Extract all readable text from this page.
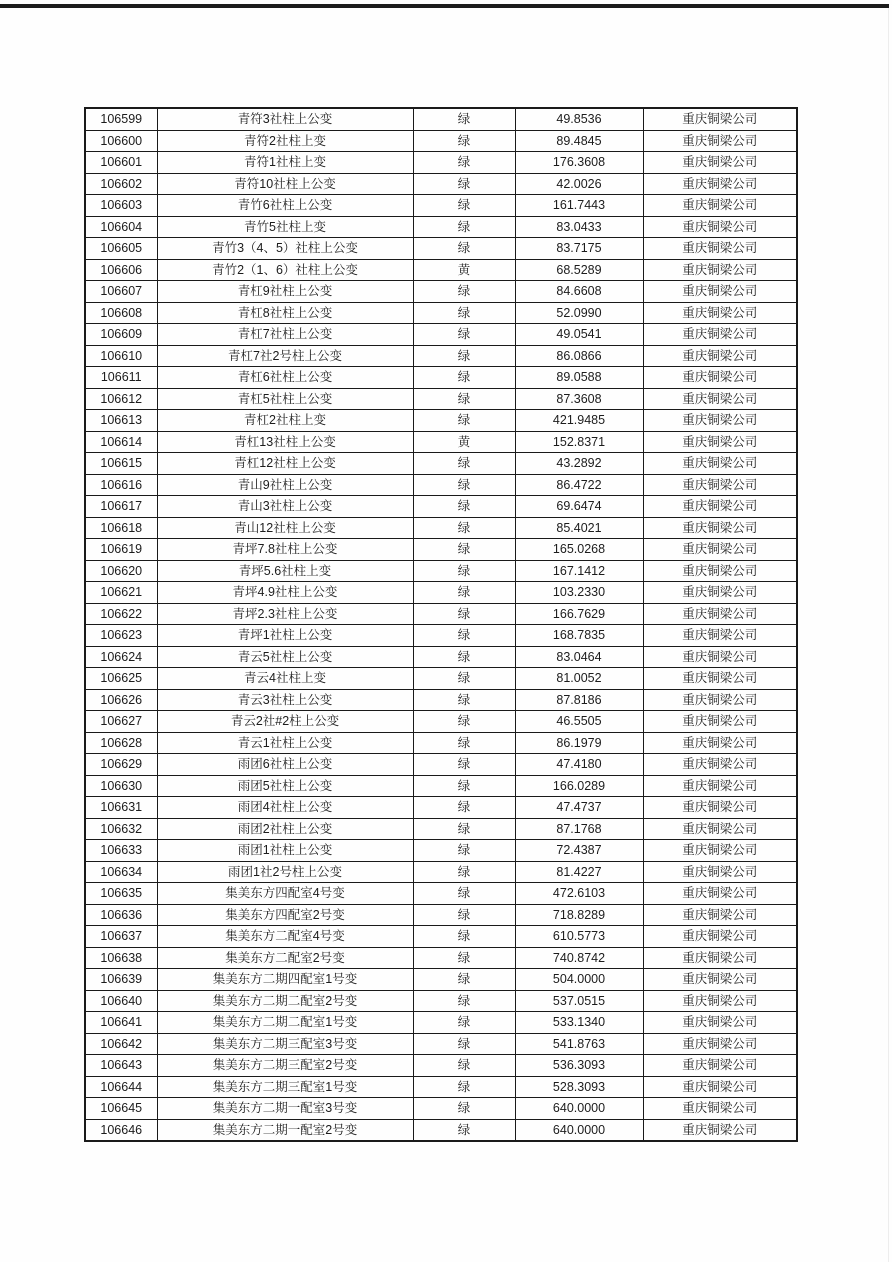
106599	青符3社柱上公变	绿	49.8536	重庆铜梁公司
106600	青符2社柱上变	绿	89.4845	重庆铜梁公司
106601	青符1社柱上变	绿	176.3608	重庆铜梁公司
106602	青符10社柱上公变	绿	42.0026	重庆铜梁公司
106603	青竹6社柱上公变	绿	161.7443	重庆铜梁公司
106604	青竹5社柱上变	绿	83.0433	重庆铜梁公司
106605	青竹3（4、5）社柱上公变	绿	83.7175	重庆铜梁公司
106606	青竹2（1、6）社柱上公变	黄	68.5289	重庆铜梁公司
106607	青杠9社柱上公变	绿	84.6608	重庆铜梁公司
106608	青杠8社柱上公变	绿	52.0990	重庆铜梁公司
106609	青杠7社柱上公变	绿	49.0541	重庆铜梁公司
106610	青杠7社2号柱上公变	绿	86.0866	重庆铜梁公司
106611	青杠6社柱上公变	绿	89.0588	重庆铜梁公司
106612	青杠5社柱上公变	绿	87.3608	重庆铜梁公司
106613	青杠2社柱上变	绿	421.9485	重庆铜梁公司
106614	青杠13社柱上公变	黄	152.8371	重庆铜梁公司
106615	青杠12社柱上公变	绿	43.2892	重庆铜梁公司
106616	青山9社柱上公变	绿	86.4722	重庆铜梁公司
106617	青山3社柱上公变	绿	69.6474	重庆铜梁公司
106618	青山12社柱上公变	绿	85.4021	重庆铜梁公司
106619	青坪7.8社柱上公变	绿	165.0268	重庆铜梁公司
106620	青坪5.6社柱上变	绿	167.1412	重庆铜梁公司
106621	青坪4.9社柱上公变	绿	103.2330	重庆铜梁公司
106622	青坪2.3社柱上公变	绿	166.7629	重庆铜梁公司
106623	青坪1社柱上公变	绿	168.7835	重庆铜梁公司
106624	青云5社柱上公变	绿	83.0464	重庆铜梁公司
106625	青云4社柱上变	绿	81.0052	重庆铜梁公司
106626	青云3社柱上公变	绿	87.8186	重庆铜梁公司
106627	青云2社#2柱上公变	绿	46.5505	重庆铜梁公司
106628	青云1社柱上公变	绿	86.1979	重庆铜梁公司
106629	雨团6社柱上公变	绿	47.4180	重庆铜梁公司
106630	雨团5社柱上公变	绿	166.0289	重庆铜梁公司
106631	雨团4社柱上公变	绿	47.4737	重庆铜梁公司
106632	雨团2社柱上公变	绿	87.1768	重庆铜梁公司
106633	雨团1社柱上公变	绿	72.4387	重庆铜梁公司
106634	雨团1社2号柱上公变	绿	81.4227	重庆铜梁公司
106635	集美东方四配室4号变	绿	472.6103	重庆铜梁公司
106636	集美东方四配室2号变	绿	718.8289	重庆铜梁公司
106637	集美东方二配室4号变	绿	610.5773	重庆铜梁公司
106638	集美东方二配室2号变	绿	740.8742	重庆铜梁公司
106639	集美东方二期四配室1号变	绿	504.0000	重庆铜梁公司
106640	集美东方二期二配室2号变	绿	537.0515	重庆铜梁公司
106641	集美东方二期二配室1号变	绿	533.1340	重庆铜梁公司
106642	集美东方二期三配室3号变	绿	541.8763	重庆铜梁公司
106643	集美东方二期三配室2号变	绿	536.3093	重庆铜梁公司
106644	集美东方二期三配室1号变	绿	528.3093	重庆铜梁公司
106645	集美东方二期一配室3号变	绿	640.0000	重庆铜梁公司
106646	集美东方二期一配室2号变	绿	640.0000	重庆铜梁公司
